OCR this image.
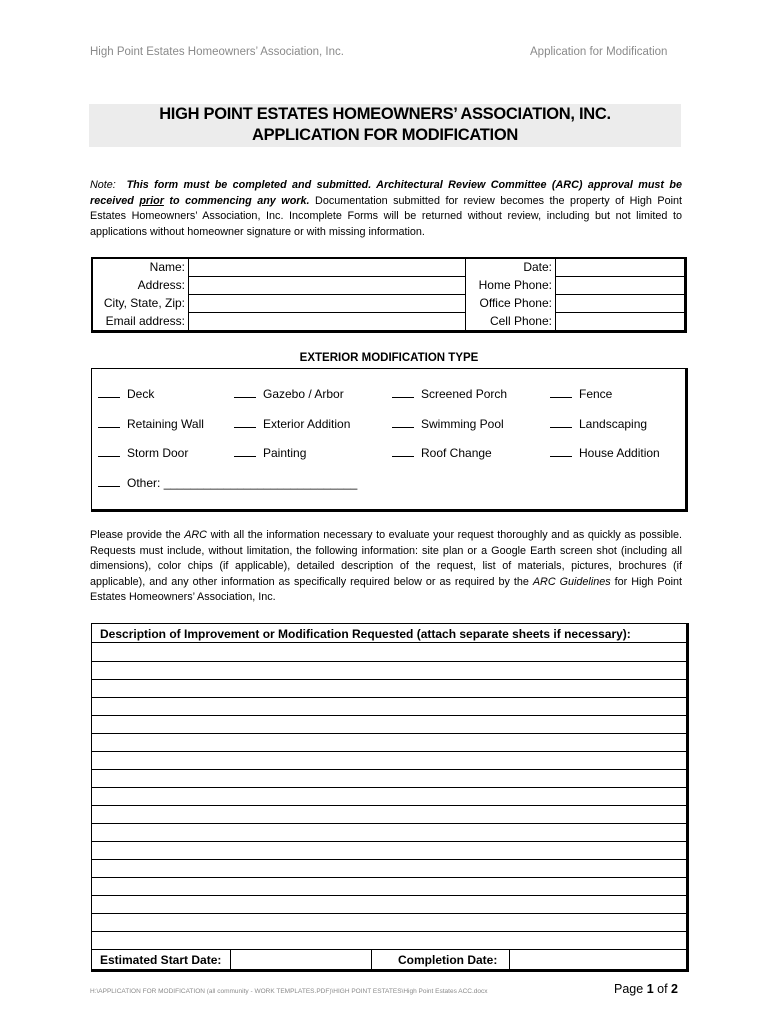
High Point Estates Homeowners’ Association, Inc.	Application for Modification
HIGH POINT ESTATES HOMEOWNERS’ ASSOCIATION, INC.
APPLICATION FOR MODIFICATION
Note: This form must be completed and submitted. Architectural Review Committee (ARC) approval must be received prior to commencing any work. Documentation submitted for review becomes the property of High Point Estates Homeowners’ Association, Inc. Incomplete Forms will be returned without review, including but not limited to applications without homeowner signature or with missing information.
Name:		Date:	
Address:		Home Phone:	
City, State, Zip:		Office Phone:	
Email address:		Cell Phone:	
EXTERIOR MODIFICATION TYPE
Deck	Gazebo / Arbor	Screened Porch	Fence
Retaining Wall	Exterior Addition	Swimming Pool	Landscaping
Storm Door	Painting	Roof Change	House Addition
Other: _____________________________
Please provide the ARC with all the information necessary to evaluate your request thoroughly and as quickly as possible. Requests must include, without limitation, the following information: site plan or a Google Earth screen shot (including all dimensions), color chips (if applicable), detailed description of the request, list of materials, pictures, brochures (if applicable), and any other information as specifically required below or as required by the ARC Guidelines for High Point Estates Homeowners’ Association, Inc.
Description of Improvement or Modification Requested (attach separate sheets if necessary):
Estimated Start Date:	Completion Date:
H:\APPLICATION FOR MODIFICATION (all community - WORK TEMPLATES.PDF)\HIGH POINT ESTATES\High Point Estates ACC.docx	Page 1 of 2
